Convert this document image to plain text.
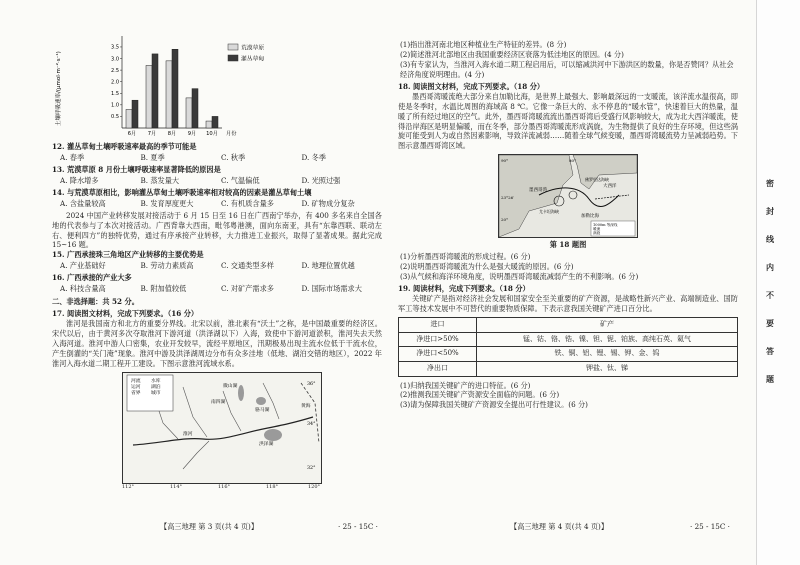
土壤呼吸速率/(μmol·m⁻²·s⁻¹)	0.5
1.0
1.5
2.0
2.5
3.0
3.5
6月 7月 8月 9月 10月 月份
荒漠草原
灌丛草甸
12. 灌丛草甸土壤呼吸速率最高的季节可能是
A. 春季	B. 夏季	C. 秋季	D. 冬季
13. 荒漠草原 8 月份土壤呼吸速率显著降低的原因是
A. 降水增多	B. 蒸发量大	C. 气温偏低	D. 光照过强
14. 与荒漠草原相比，影响灌丛草甸土壤呼吸速率相对较高的因素是灌丛草甸土壤
A. 含盐量较高	B. 发育厚度更大	C. 有机质含量多	D. 矿物成分复杂
2024 中国产业转移发展对接活动于 6 月 15 日至 16 日在广西南宁举办，有 400 多名来自全国各地的代表参与了本次对接活动。广西背靠大西南，毗邻粤港澳，面向东南亚，具有“东靠西联、联动左右、便利四方”的独特优势，通过有序承接产业转移，大力推进工业振兴，取得了显著成果。据此完成 15~16 题。
15. 广西承接珠三角地区产业转移的主要优势是
A. 产业基础好	B. 劳动力素质高	C. 交通类型多样	D. 地理位置优越
16. 广西承接的产业大多
A. 科技含量高	B. 附加值较低	C. 对矿产需求多	D. 国际市场需求大
二、非选择题：共 52 分。
17. 阅读图文材料，完成下列要求。（16 分）
淮河是我国南方和北方的重要分界线。北宋以前，淮北素有“沃土”之称，是中国最重要的经济区。宋代以后，由于黄河多次夺取淮河下游河道（洪泽湖以下）入海，致使中下游河道淤积，淮河失去天然入海河道。淮河中游人口密集，农业开发较早，流经平原地区，汛期极易出现主流水位低于干流水位，产生倒灌的“关门淹”现象。淮河中游及洪泽湖周边分布有众多洼地（低地、湖泊交错的地区），2022 年淮河入海水道二期工程开工建设。下图示意淮河流域水系。
河流
运河
省界
水库
湖泊
城市
洪泽湖
骆马湖
微山湖
南四湖
淮河
黄海
36°
34°
32°
112°	114°	116°	118°	120°
【高三地理 第 3 页(共 4 页)】	· 25 - 15C ·
(1)指出淮河南北地区种植业生产特征的差异。(8 分)
(2)简述淮河北部地区由我国重要经济区衰落为低洼地区的原因。(4 分)
(3)有专家认为，当淮河入海水道二期工程启用后，可以缩减洪河中下游洪区的数量，你是否赞同？从社会经济角度说明理由。(4 分)
18. 阅读图文材料，完成下列要求。（18 分）
墨西哥湾暖流绝大部分来自加勒比海，是世界上最强大、影响最深远的一支暖流，该洋流水温很高，即使是冬季时，水温比周围的海域高 8 ℃。它像一条巨大的、永不停息的“暖水管”，快速着巨大的热量，温暖了所有经过地区的空气。此外，墨西哥湾暖流流出墨西哥湾后受盛行风影响较大，成为北大西洋暖流，使得沿岸海区是明显偏暖，而在冬季，部分墨西哥湾暖流形成涡旋，为生物提供了良好的生存环境，但这些涡旋可能受到人为或自然因素影响，导致洋流减弱……随着全球气候变暖，墨西哥湾暖流势力呈减弱趋势。下图示意墨西哥湾区域。
墨西哥湾
加勒比海
大西洋
佛罗里达海峡
尤卡坦海峡
1000m 等深线
暖流
涡旋
90°	80°
23°26′
20°
第 18 题图
(1)分析墨西哥湾暖流的形成过程。(6 分)
(2)说明墨西哥湾暖流为什么是强大暖流的原因。(6 分)
(3)从气候和海洋环境角度，说明墨西哥湾暖流减弱产生的不利影响。(6 分)
19. 阅读材料，完成下列要求。（18 分）
关键矿产是指对经济社会发展和国家安全至关重要的矿产资源，是战略性新兴产业、高端制造业、国防军工等技术发展中不可替代的重要物质保障。下表示意我国关键矿产进口百分比。
进口	矿产
净进口>50%	锰、钴、铬、锆、镍、钽、铌、铂族、高纯石英、氦气
净进口<50%	铁、铜、铝、锂、锡、钾、金、钨
净出口	钾盐、钛、锑
(1)归纳我国关键矿产的进口特征。(6 分)
(2)推测我国关键矿产资源安全面临的问题。(6 分)
(3)请为保障我国关键矿产资源安全提出可行性建议。(6 分)
【高三地理 第 4 页(共 4 页)】	· 25 - 15C ·
密
封
线
内
不
要
答
题
